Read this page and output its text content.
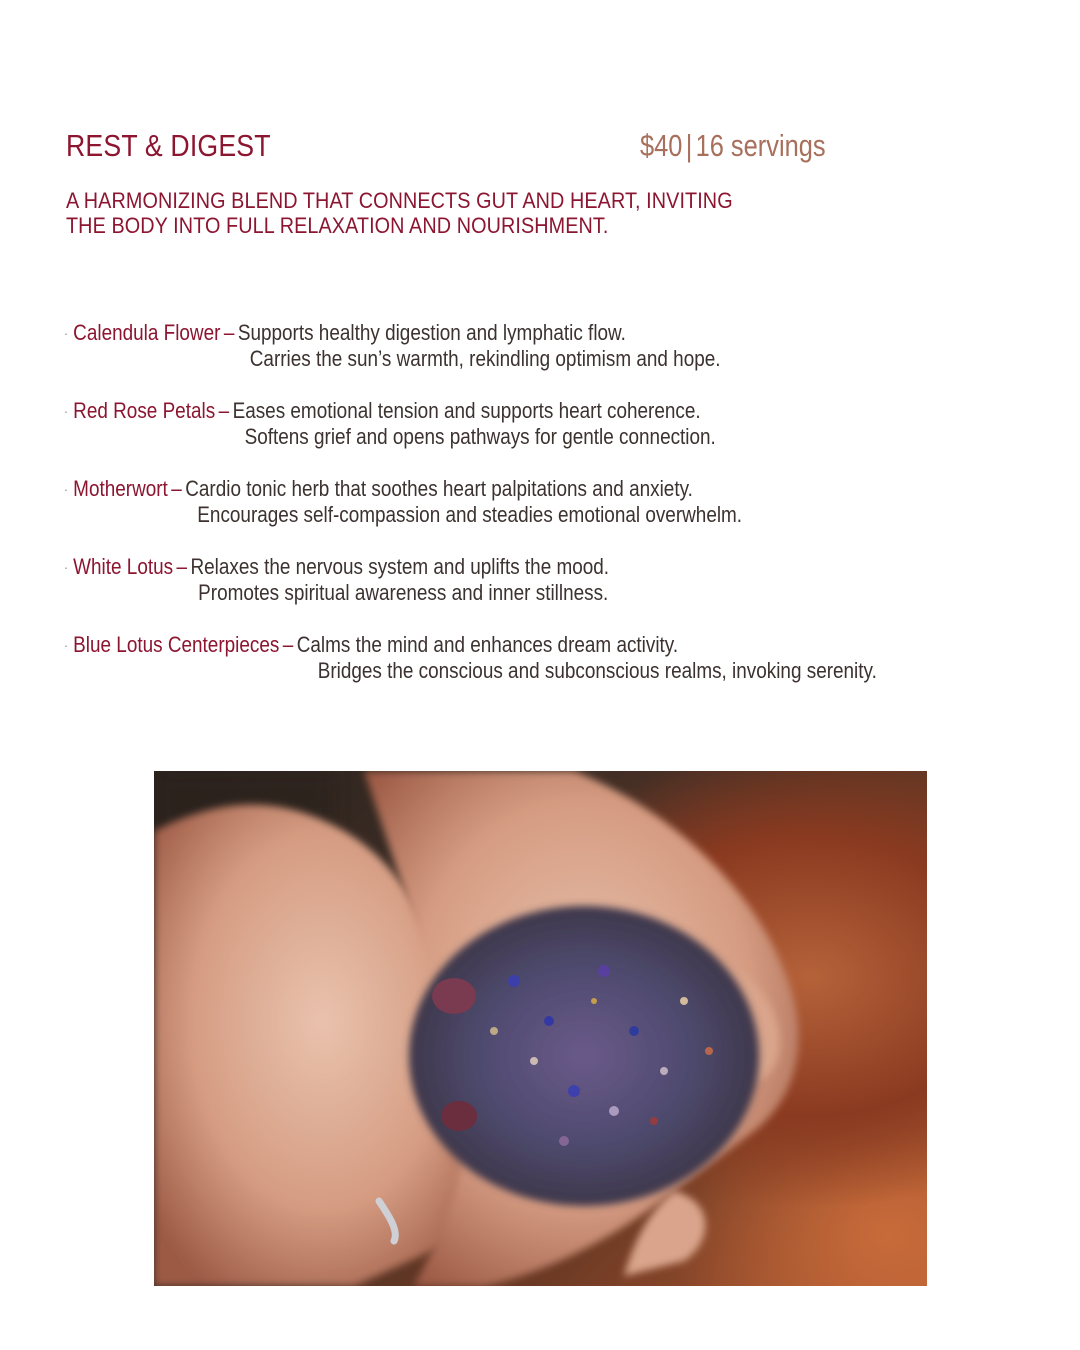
REST & DIGEST	$40 | 16 servings
A HARMONIZING BLEND THAT CONNECTS GUT AND HEART, INVITING
THE BODY INTO FULL RELAXATION AND NOURISHMENT.
· Calendula Flower – Supports healthy digestion and lymphatic flow.
Carries the sun’s warmth, rekindling optimism and hope.
· Red Rose Petals – Eases emotional tension and supports heart coherence.
Softens grief and opens pathways for gentle connection.
· Motherwort – Cardio tonic herb that soothes heart palpitations and anxiety.
Encourages self-compassion and steadies emotional overwhelm.
· White Lotus – Relaxes the nervous system and uplifts the mood.
Promotes spiritual awareness and inner stillness.
· Blue Lotus Centerpieces – Calms the mind and enhances dream activity.
Bridges the conscious and subconscious realms, invoking serenity.
